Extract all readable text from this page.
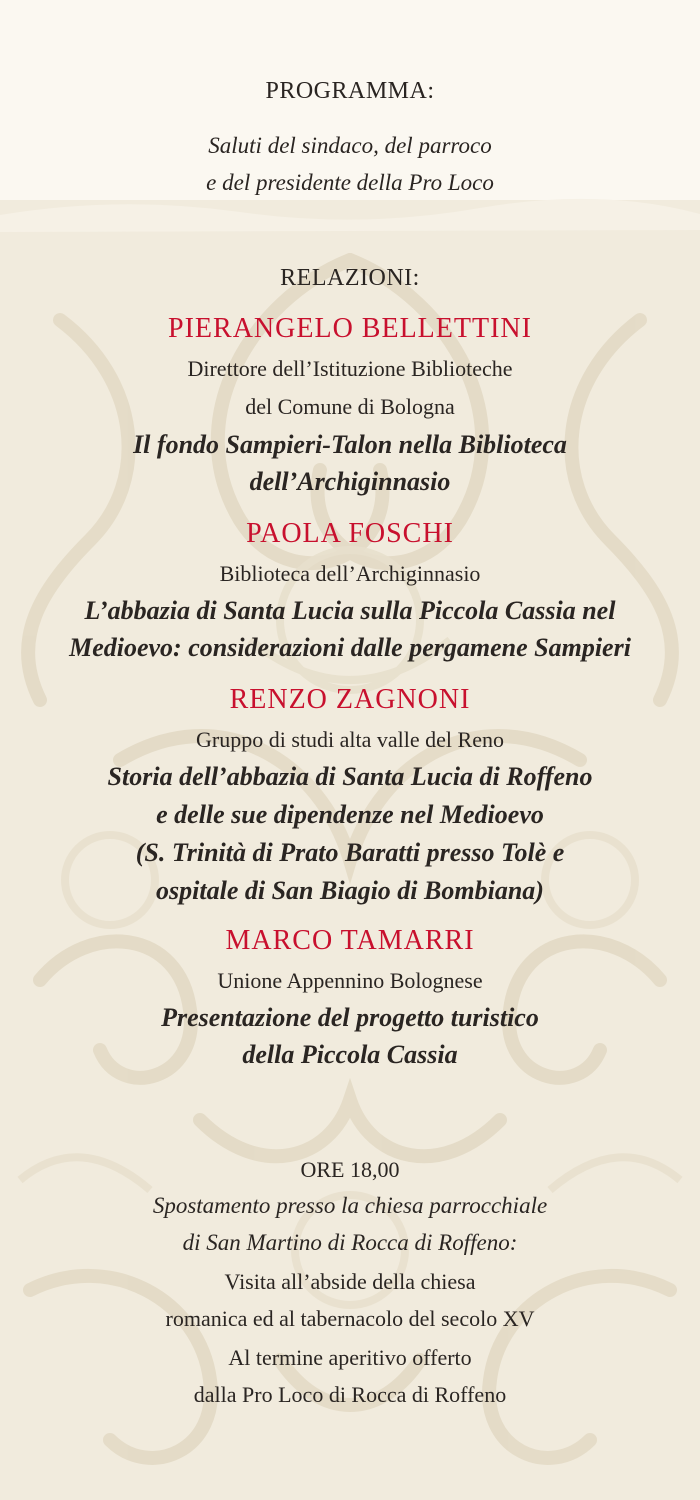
PROGRAMMA:
Saluti del sindaco, del parroco
e del presidente della Pro Loco
RELAZIONI:
PIERANGELO BELLETTINI
Direttore dell’Istituzione Biblioteche
del Comune di Bologna
Il fondo Sampieri-Talon nella Biblioteca
dell’Archiginnasio
PAOLA FOSCHI
Biblioteca dell’Archiginnasio
L’abbazia di Santa Lucia sulla Piccola Cassia nel
Medioevo: considerazioni dalle pergamene Sampieri
RENZO ZAGNONI
Gruppo di studi alta valle del Reno
Storia dell’abbazia di Santa Lucia di Roffeno
e delle sue dipendenze nel Medioevo
(S. Trinità di Prato Baratti presso Tolè e
ospitale di San Biagio di Bombiana)
MARCO TAMARRI
Unione Appennino Bolognese
Presentazione del progetto turistico
della Piccola Cassia
ORE 18,00
Spostamento presso la chiesa parrocchiale
di San Martino di Rocca di Roffeno:
Visita all’abside della chiesa
romanica ed al tabernacolo del secolo XV
Al termine aperitivo offerto
dalla Pro Loco di Rocca di Roffeno
